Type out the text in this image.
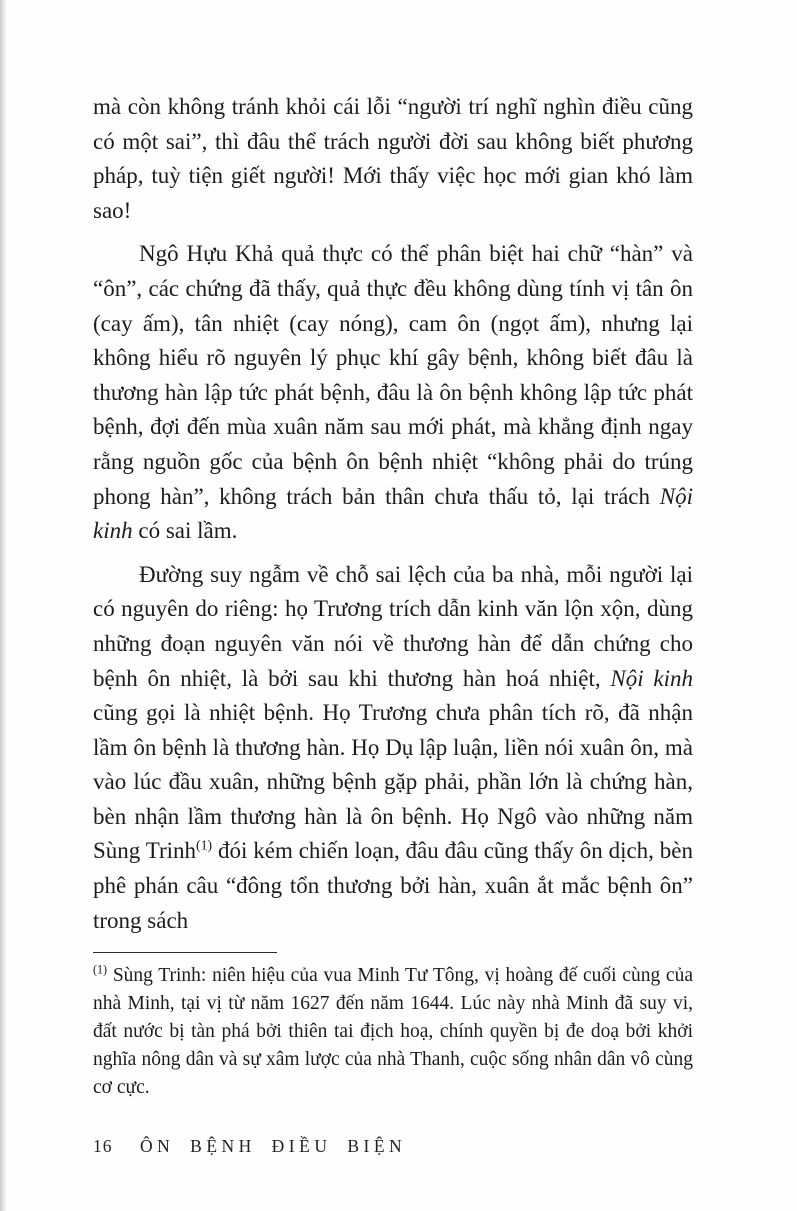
mà còn không tránh khỏi cái lỗi “người trí nghĩ nghìn điều cũng có một sai”, thì đâu thể trách người đời sau không biết phương pháp, tuỳ tiện giết người! Mới thấy việc học mới gian khó làm sao!

Ngô Hựu Khả quả thực có thể phân biệt hai chữ “hàn” và “ôn”, các chứng đã thấy, quả thực đều không dùng tính vị tân ôn (cay ấm), tân nhiệt (cay nóng), cam ôn (ngọt ấm), nhưng lại không hiểu rõ nguyên lý phục khí gây bệnh, không biết đâu là thương hàn lập tức phát bệnh, đâu là ôn bệnh không lập tức phát bệnh, đợi đến mùa xuân năm sau mới phát, mà khẳng định ngay rằng nguồn gốc của bệnh ôn bệnh nhiệt “không phải do trúng phong hàn”, không trách bản thân chưa thấu tỏ, lại trách Nội kinh có sai lầm.

Đường suy ngẫm về chỗ sai lệch của ba nhà, mỗi người lại có nguyên do riêng: họ Trương trích dẫn kinh văn lộn xộn, dùng những đoạn nguyên văn nói về thương hàn để dẫn chứng cho bệnh ôn nhiệt, là bởi sau khi thương hàn hoá nhiệt, Nội kinh cũng gọi là nhiệt bệnh. Họ Trương chưa phân tích rõ, đã nhận lầm ôn bệnh là thương hàn. Họ Dụ lập luận, liền nói xuân ôn, mà vào lúc đầu xuân, những bệnh gặp phải, phần lớn là chứng hàn, bèn nhận lầm thương hàn là ôn bệnh. Họ Ngô vào những năm Sùng Trinh$^{(1)}$ đói kém chiến loạn, đâu đâu cũng thấy ôn dịch, bèn phê phán câu “đông tổn thương bởi hàn, xuân ắt mắc bệnh ôn” trong sách

$^{(1)}$ Sùng Trinh: niên hiệu của vua Minh Tư Tông, vị hoàng đế cuối cùng của nhà Minh, tại vị từ năm 1627 đến năm 1644. Lúc này nhà Minh đã suy vi, đất nước bị tàn phá bởi thiên tai địch hoạ, chính quyền bị đe doạ bởi khởi nghĩa nông dân và sự xâm lược của nhà Thanh, cuộc sống nhân dân vô cùng cơ cực.

16 ÔN BỆNH ĐIỀU BIỆN
